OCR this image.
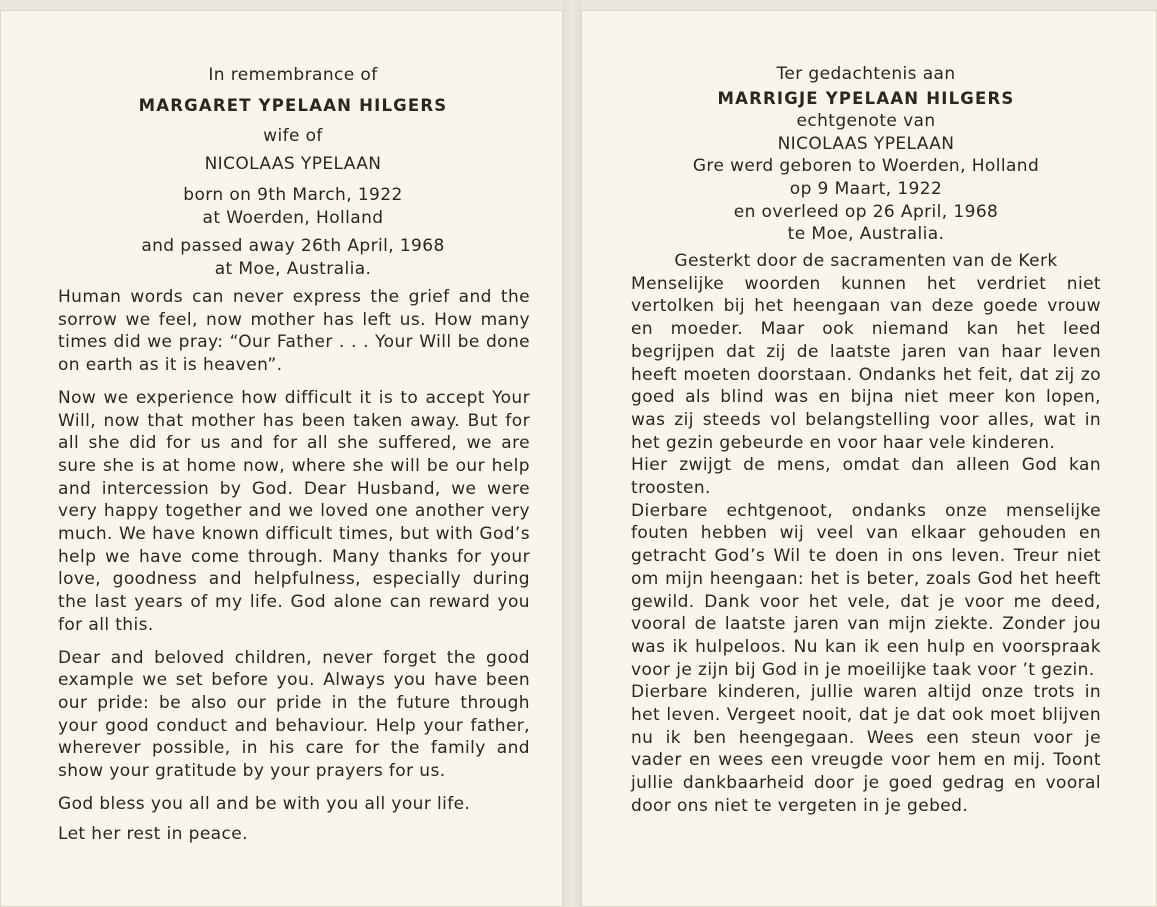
In remembrance of

MARGARET YPELAAN HILGERS

wife of

NICOLAAS YPELAAN

born on 9th March, 1922

at Woerden, Holland

and passed away 26th April, 1968

at Moe, Australia.

Human words can never express the grief and the sorrow we feel, now mother has left us. How many times did we pray: “Our Father . . . Your Will be done on earth as it is heaven”.

Now we experience how difficult it is to accept Your Will, now that mother has been taken away. But for all she did for us and for all she suffered, we are sure she is at home now, where she will be our help and intercession by God. Dear Husband, we were very happy together and we loved one another very much. We have known difficult times, but with God’s help we have come through. Many thanks for your love, goodness and helpfulness, especially during the last years of my life. God alone can reward you for all this.

Dear and beloved children, never forget the good example we set before you. Always you have been our pride: be also our pride in the future through your good conduct and behaviour. Help your father, wherever possible, in his care for the family and show your gratitude by your prayers for us.

God bless you all and be with you all your life.

Let her rest in peace.

Ter gedachtenis aan

MARRIGJE YPELAAN HILGERS

echtgenote van

NICOLAAS YPELAAN

Gre werd geboren to Woerden, Holland

op 9 Maart, 1922

en overleed op 26 April, 1968

te Moe, Australia.

Gesterkt door de sacramenten van de Kerk

Menselijke woorden kunnen het verdriet niet vertolken bij het heengaan van deze goede vrouw en moeder. Maar ook niemand kan het leed begrijpen dat zij de laatste jaren van haar leven heeft moeten doorstaan. Ondanks het feit, dat zij zo goed als blind was en bijna niet meer kon lopen, was zij steeds vol belangstelling voor alles, wat in het gezin gebeurde en voor haar vele kinderen.

Hier zwijgt de mens, omdat dan alleen God kan troosten.

Dierbare echtgenoot, ondanks onze menselijke fouten hebben wij veel van elkaar gehouden en getracht God’s Wil te doen in ons leven. Treur niet om mijn heengaan: het is beter, zoals God het heeft gewild. Dank voor het vele, dat je voor me deed, vooral de laatste jaren van mijn ziekte. Zonder jou was ik hulpeloos. Nu kan ik een hulp en voorspraak voor je zijn bij God in je moeilijke taak voor ’t gezin.

Dierbare kinderen, jullie waren altijd onze trots in het leven. Vergeet nooit, dat je dat ook moet blijven nu ik ben heengegaan. Wees een steun voor je vader en wees een vreugde voor hem en mij. Toont jullie dankbaarheid door je goed gedrag en vooral door ons niet te vergeten in je gebed.
